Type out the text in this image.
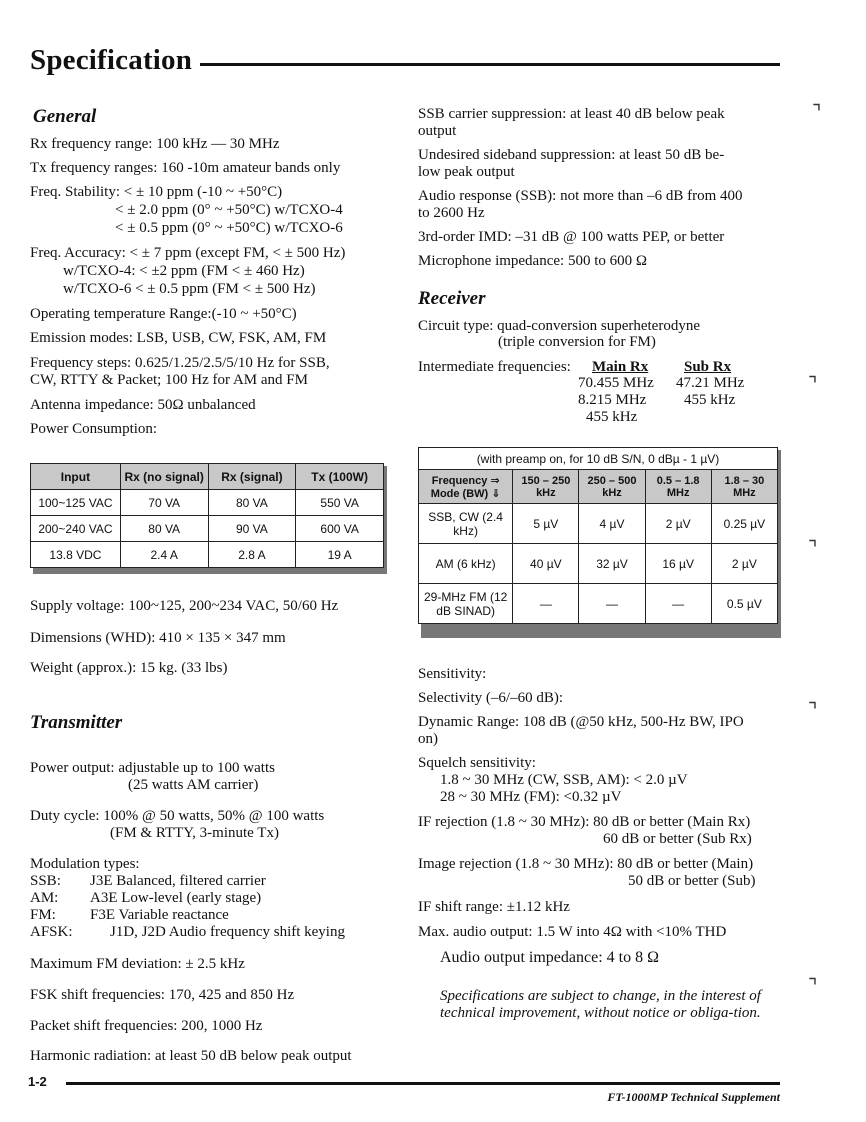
Specification
General
Rx frequency range: 100 kHz — 30 MHz
Tx frequency ranges: 160 -10m amateur bands only
Freq. Stability: < ± 10 ppm (-10 ~ +50°C)
< ± 2.0 ppm (0° ~ +50°C) w/TCXO-4
< ± 0.5 ppm (0° ~ +50°C) w/TCXO-6
Freq. Accuracy: < ± 7 ppm (except FM, < ± 500 Hz)
w/TCXO-4: < ±2 ppm (FM < ± 460 Hz)
w/TCXO-6 < ± 0.5 ppm (FM < ± 500 Hz)
Operating temperature Range:(-10 ~ +50°C)
Emission modes: LSB, USB, CW, FSK, AM, FM
Frequency steps: 0.625/1.25/2.5/5/10 Hz for SSB,
CW, RTTY & Packet; 100 Hz for AM and FM
Antenna impedance: 50Ω unbalanced
Power Consumption:
Input	Rx (no signal)	Rx (signal)	Tx (100W)
100~125 VAC	70 VA	80 VA	550 VA
200~240 VAC	80 VA	90 VA	600 VA
13.8 VDC	2.4 A	2.8 A	19 A
Supply voltage: 100~125, 200~234 VAC, 50/60 Hz
Dimensions (WHD): 410 × 135 × 347 mm
Weight (approx.): 15 kg. (33 lbs)
Transmitter
Power output: adjustable up to 100 watts
(25 watts AM carrier)
Duty cycle: 100% @ 50 watts, 50% @ 100 watts
(FM & RTTY, 3-minute Tx)
Modulation types:
SSB: J3E Balanced, filtered carrier
AM: A3E Low-level (early stage)
FM: F3E Variable reactance
AFSK: J1D, J2D Audio frequency shift keying
Maximum FM deviation: ± 2.5 kHz
FSK shift frequencies: 170, 425 and 850 Hz
Packet shift frequencies: 200, 1000 Hz
Harmonic radiation: at least 50 dB below peak output
SSB carrier suppression: at least 40 dB below peak
output
Undesired sideband suppression: at least 50 dB be-
low peak output
Audio response (SSB): not more than –6 dB from 400
to 2600 Hz
3rd-order IMD: –31 dB @ 100 watts PEP, or better
Microphone impedance: 500 to 600 Ω
Receiver
Circuit type: quad-conversion superheterodyne
(triple conversion for FM)
Intermediate frequencies: Main Rx Sub Rx
70.455 MHz 47.21 MHz
8.215 MHz	455 kHz
455 kHz
(with preamp on, for 10 dB S/N, 0 dBµ - 1 µV)				
Frequency ⇒ Mode (BW) ⇓	150 – 250 kHz	250 – 500 kHz	0.5 – 1.8 MHz	1.8 – 30 MHz
SSB, CW (2.4 kHz)	5 µV	4 µV	2 µV	0.25 µV
AM (6 kHz)	40 µV	32 µV	16 µV	2 µV
29-MHz FM (12 dB SINAD)	—	—	—	0.5 µV
Sensitivity:
Selectivity (–6/–60 dB):
Dynamic Range: 108 dB (@50 kHz, 500-Hz BW, IPO
on)
Squelch sensitivity:
1.8 ~ 30 MHz (CW, SSB, AM): < 2.0 µV
28 ~ 30 MHz (FM): <0.32 µV
IF rejection (1.8 ~ 30 MHz): 80 dB or better (Main Rx)
60 dB or better (Sub Rx)
Image rejection (1.8 ~ 30 MHz): 80 dB or better (Main)
50 dB or better (Sub)
IF shift range: ±1.12 kHz
Max. audio output: 1.5 W into 4Ω with <10% THD
Audio output impedance: 4 to 8 Ω
Specifications are subject to change, in the interest of technical improvement, without notice or obliga-tion.
⌝
⌝
⌝
⌝
⌝
1-2
FT-1000MP Technical Supplement
